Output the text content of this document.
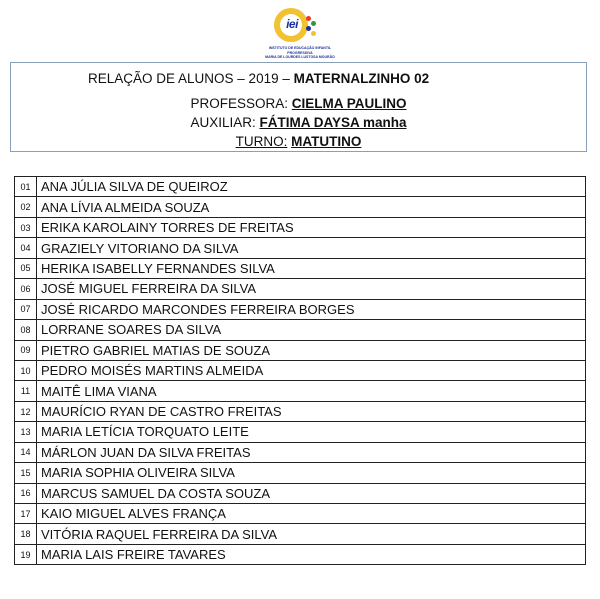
iei
INSTITUTO DE EDUCAÇÃO INFANTIL PROGRESSIVA
MARIA DE LOURDES LUSTOSA MOURÃO
RELAÇÃO DE ALUNOS – 2019 – MATERNALZINHO 02
PROFESSORA: CIELMA PAULINO
AUXILIAR: FÁTIMA DAYSA manha
TURNO: MATUTINO
01	ANA JÚLIA SILVA DE QUEIROZ
02	ANA LÍVIA ALMEIDA SOUZA
03	ERIKA KAROLAINY TORRES DE FREITAS
04	GRAZIELY VITORIANO DA SILVA
05	HERIKA ISABELLY FERNANDES SILVA
06	JOSÉ MIGUEL FERREIRA DA SILVA
07	JOSÉ RICARDO MARCONDES FERREIRA BORGES
08	LORRANE SOARES DA SILVA
09	PIETRO GABRIEL MATIAS DE SOUZA
10	PEDRO MOISÉS MARTINS ALMEIDA
11	MAITÊ LIMA VIANA
12	MAURÍCIO RYAN DE CASTRO FREITAS
13	MARIA LETÍCIA TORQUATO LEITE
14	MÁRLON JUAN DA SILVA FREITAS
15	MARIA SOPHIA OLIVEIRA SILVA
16	MARCUS SAMUEL DA COSTA SOUZA
17	KAIO MIGUEL ALVES FRANÇA
18	VITÓRIA RAQUEL FERREIRA DA SILVA
19	MARIA LAIS FREIRE TAVARES
